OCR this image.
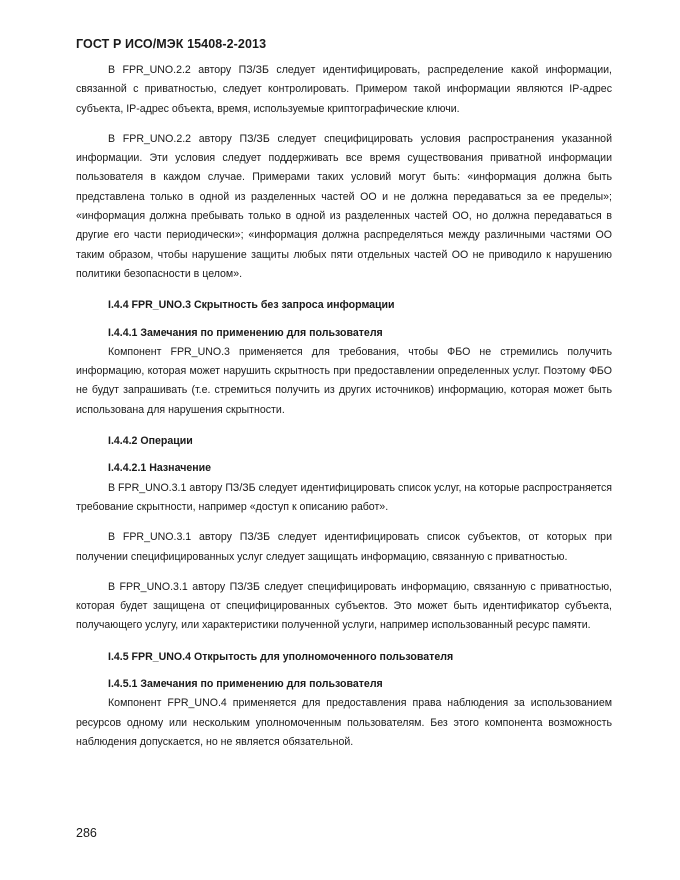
ГОСТ Р ИСО/МЭК 15408-2-2013

В FPR_UNO.2.2 автору ПЗ/ЗБ следует идентифицировать, распределение какой информации, связанной с приватностью, следует контролировать. Примером такой информации являются IP-адрес субъекта, IP-адрес объекта, время, используемые криптографические ключи.

В FPR_UNO.2.2 автору ПЗ/ЗБ следует специфицировать условия распространения указанной информации. Эти условия следует поддерживать все время существования приватной информации пользователя в каждом случае. Примерами таких условий могут быть: «информация должна быть представлена только в одной из разделенных частей ОО и не должна передаваться за ее пределы»; «информация должна пребывать только в одной из разделенных частей ОО, но должна передаваться в другие его части периодически»; «информация должна распределяться между различными частями ОО таким образом, чтобы нарушение защиты любых пяти отдельных частей ОО не приводило к нарушению политики безопасности в целом».

I.4.4 FPR_UNO.3 Скрытность без запроса информации
I.4.4.1 Замечания по применению для пользователя

Компонент FPR_UNO.3 применяется для требования, чтобы ФБО не стремились получить информацию, которая может нарушить скрытность при предоставлении определенных услуг. Поэтому ФБО не будут запрашивать (т.е. стремиться получить из других источников) информацию, которая может быть использована для нарушения скрытности.

I.4.4.2 Операции
I.4.4.2.1 Назначение

В FPR_UNO.3.1 автору ПЗ/ЗБ следует идентифицировать список услуг, на которые распространяется требование скрытности, например «доступ к описанию работ».

В FPR_UNO.3.1 автору ПЗ/ЗБ следует идентифицировать список субъектов, от которых при получении специфицированных услуг следует защищать информацию, связанную с приватностью.

В FPR_UNO.3.1 автору ПЗ/ЗБ следует специфицировать информацию, связанную с приватностью, которая будет защищена от специфицированных субъектов. Это может быть идентификатор субъекта, получающего услугу, или характеристики полученной услуги, например использованный ресурс памяти.

I.4.5 FPR_UNO.4 Открытость для уполномоченного пользователя
I.4.5.1 Замечания по применению для пользователя

Компонент FPR_UNO.4 применяется для предоставления права наблюдения за использованием ресурсов одному или нескольким уполномоченным пользователям. Без этого компонента возможность наблюдения допускается, но не является обязательной.

286
